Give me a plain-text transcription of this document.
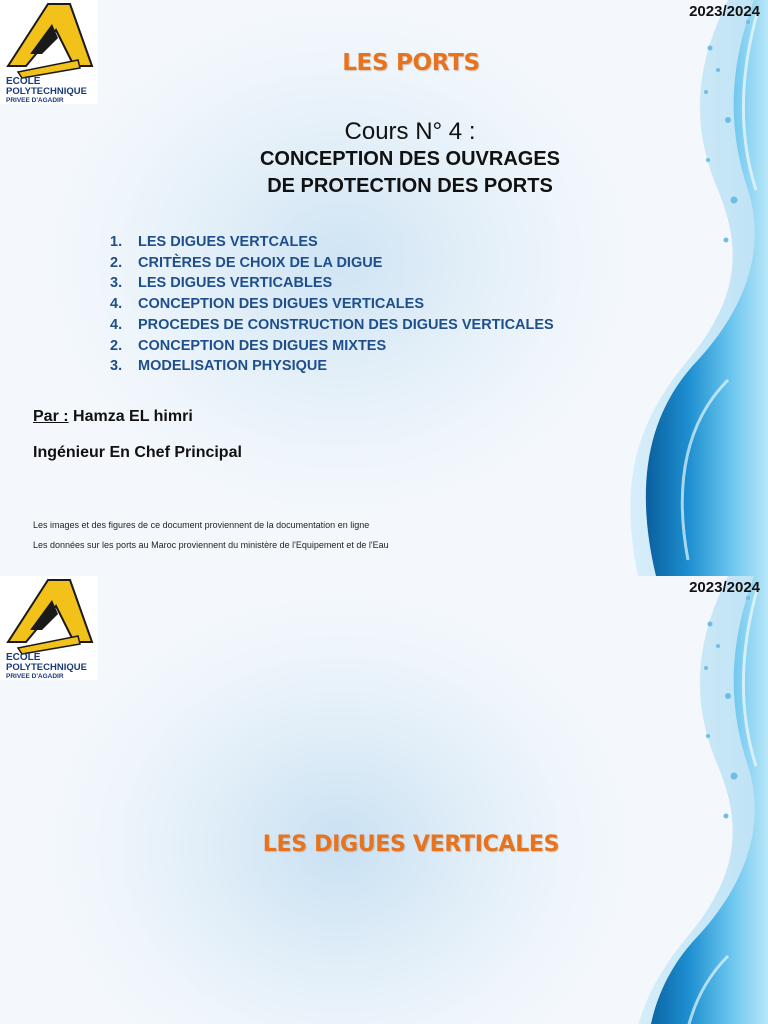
ECOLE
POLYTECHNIQUE
PRIVEE D'AGADIR
2023/2024
LES PORTS
Cours N° 4 :
CONCEPTION DES OUVRAGES
DE PROTECTION DES PORTS
1. LES DIGUES VERTCALES
2. CRITÈRES DE CHOIX DE LA DIGUE
3. LES DIGUES VERTICABLES
4. CONCEPTION DES DIGUES VERTICALES
4. PROCEDES DE CONSTRUCTION DES DIGUES VERTICALES
2. CONCEPTION DES DIGUES MIXTES
3. MODELISATION PHYSIQUE
Par : Hamza EL himri
Ingénieur En Chef Principal
Les images et des figures de ce document proviennent de la documentation en ligne
Les données sur les ports au Maroc proviennent du ministère de l'Equipement et de l'Eau
ECOLE
POLYTECHNIQUE
PRIVEE D'AGADIR
2023/2024
LES DIGUES VERTICALES
